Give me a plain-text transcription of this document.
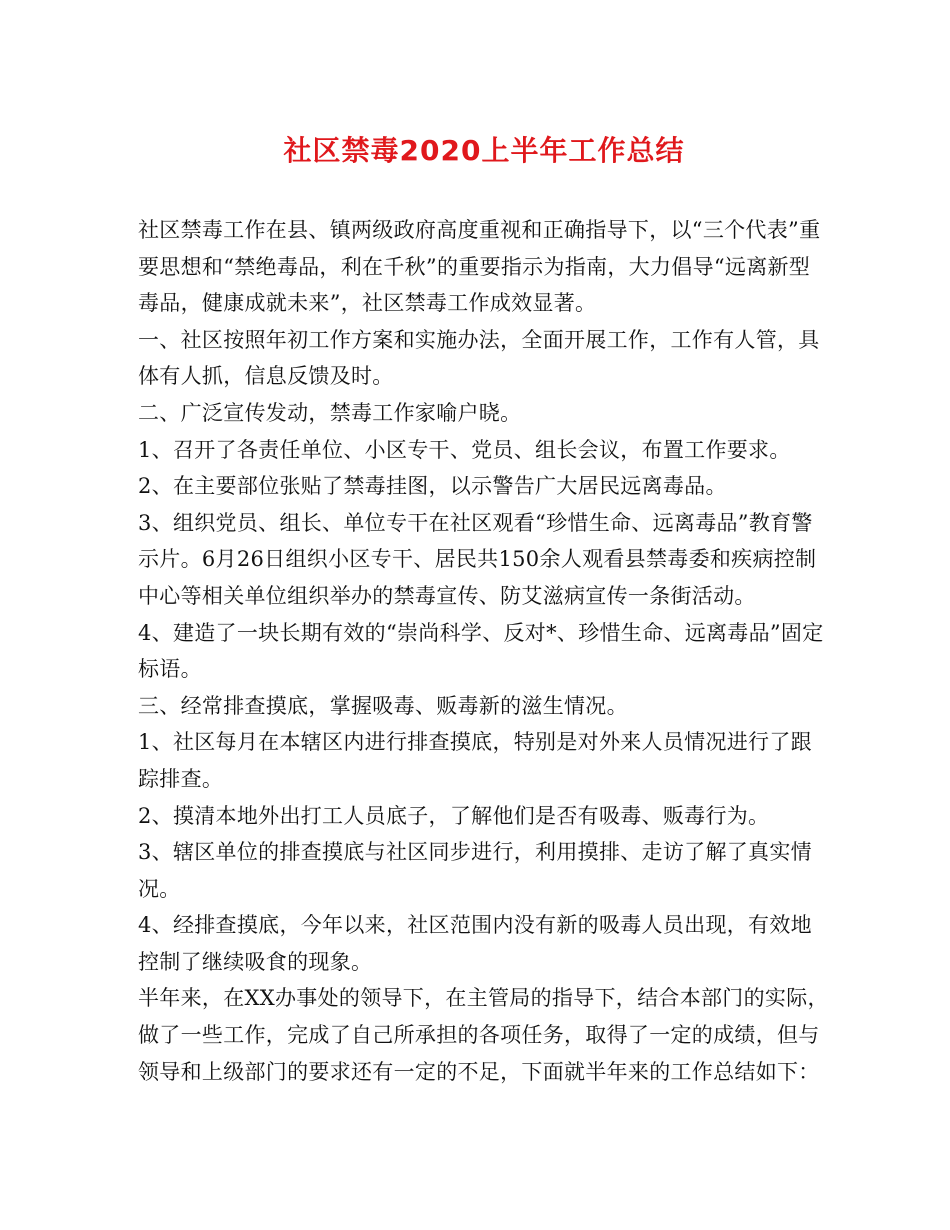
社区禁毒2020上半年工作总结

社区禁毒工作在县、镇两级政府高度重视和正确指导下，以“三个代表”重要思想和“禁绝毒品，利在千秋”的重要指示为指南，大力倡导“远离新型毒品，健康成就未来”，社区禁毒工作成效显著。

一、社区按照年初工作方案和实施办法，全面开展工作，工作有人管，具体有人抓，信息反馈及时。

二、广泛宣传发动，禁毒工作家喻户晓。

1、召开了各责任单位、小区专干、党员、组长会议，布置工作要求。

2、在主要部位张贴了禁毒挂图，以示警告广大居民远离毒品。

3、组织党员、组长、单位专干在社区观看“珍惜生命、远离毒品”教育警示片。6月26日组织小区专干、居民共150余人观看县禁毒委和疾病控制中心等相关单位组织举办的禁毒宣传、防艾滋病宣传一条街活动。

4、建造了一块长期有效的“崇尚科学、反对*、珍惜生命、远离毒品”固定标语。

三、经常排查摸底，掌握吸毒、贩毒新的滋生情况。

1、社区每月在本辖区内进行排查摸底，特别是对外来人员情况进行了跟踪排查。

2、摸清本地外出打工人员底子，了解他们是否有吸毒、贩毒行为。

3、辖区单位的排查摸底与社区同步进行，利用摸排、走访了解了真实情况。

4、经排查摸底，今年以来，社区范围内没有新的吸毒人员出现，有效地控制了继续吸食的现象。

半年来，在XX办事处的领导下，在主管局的指导下，结合本部门的实际，做了一些工作，完成了自己所承担的各项任务，取得了一定的成绩，但与领导和上级部门的要求还有一定的不足，下面就半年来的工作总结如下：
